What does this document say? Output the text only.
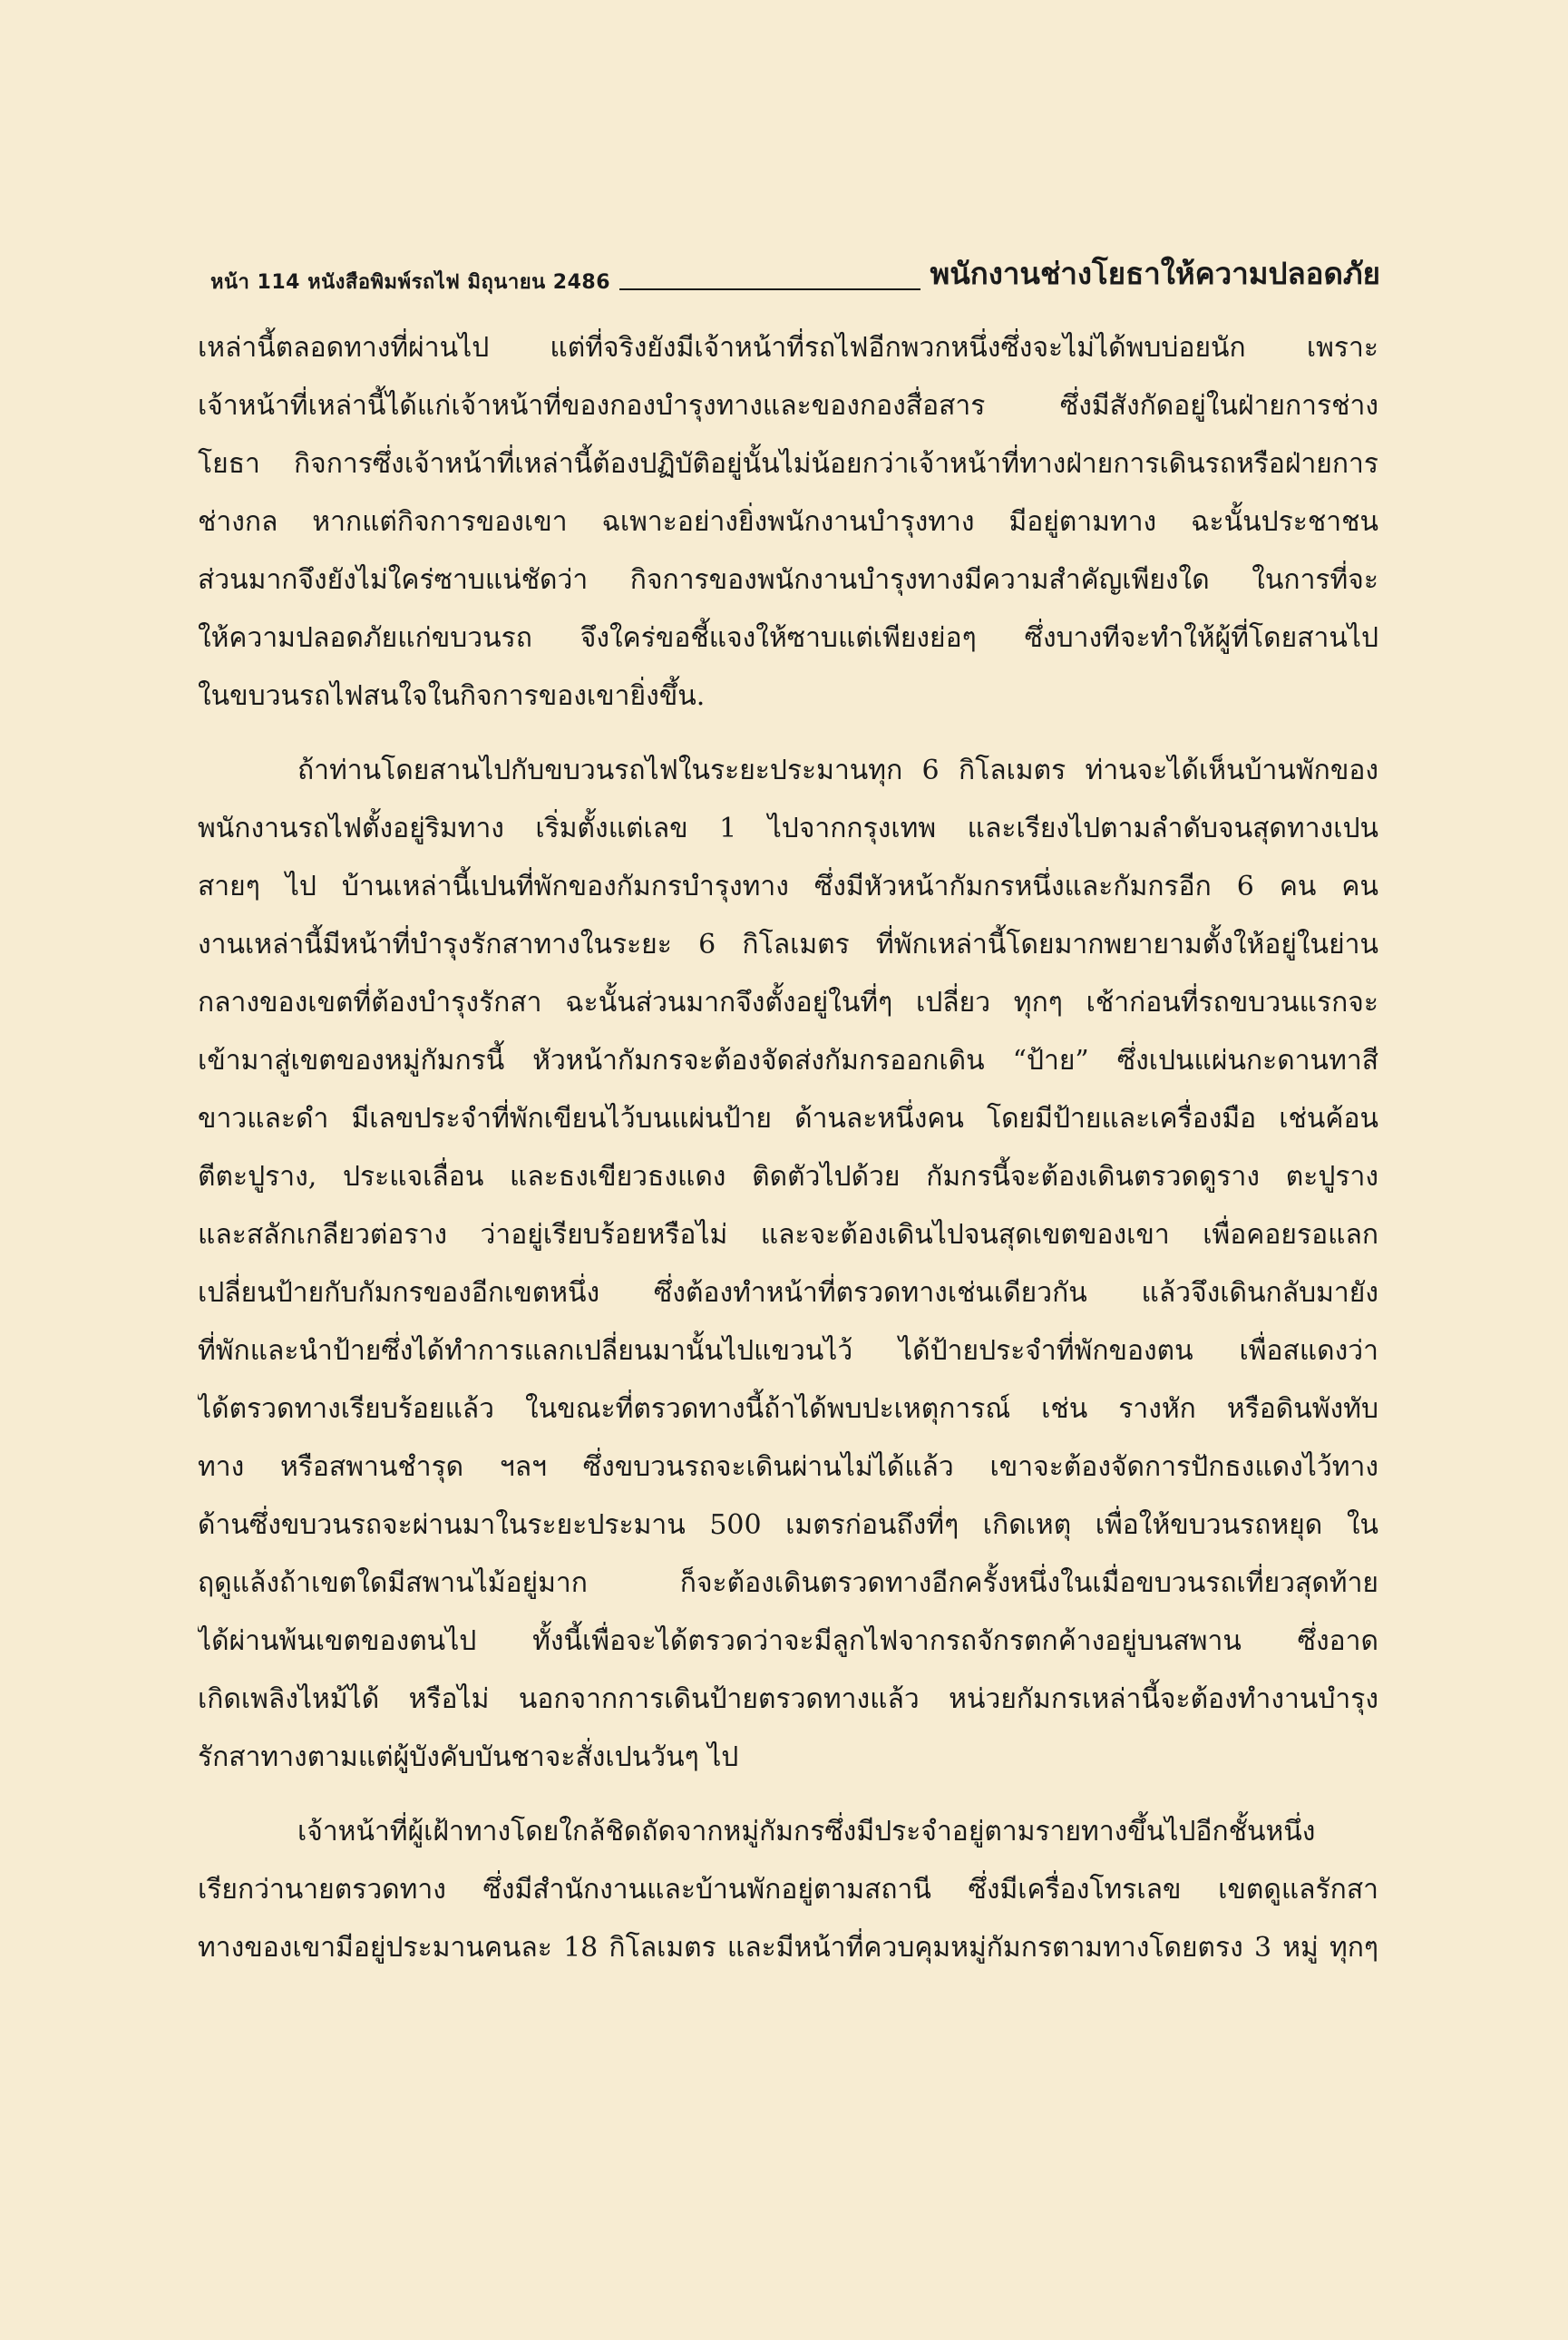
หน้า 114 หนังสือพิมพ์รถไฟ มิถุนายน 2486	พนักงานช่างโยธาให้ความปลอดภัย
เหล่านี้ตลอดทางที่ผ่านไป แต่ที่จริงยังมีเจ้าหน้าที่รถไฟอีกพวกหนึ่งซึ่งจะไม่ได้พบบ่อยนัก เพราะ
เจ้าหน้าที่เหล่านี้ได้แก่เจ้าหน้าที่ของกองบำรุงทางและของกองสื่อสาร ซึ่งมีสังกัดอยู่ในฝ่ายการช่าง
โยธา กิจการซึ่งเจ้าหน้าที่เหล่านี้ต้องปฏิบัติอยู่นั้นไม่น้อยกว่าเจ้าหน้าที่ทางฝ่ายการเดินรถหรือฝ่ายการ
ช่างกล หากแต่กิจการของเขา ฉเพาะอย่างยิ่งพนักงานบำรุงทาง มีอยู่ตามทาง ฉะนั้นประชาชน
ส่วนมากจึงยังไม่ใคร่ซาบแน่ชัดว่า กิจการของพนักงานบำรุงทางมีความสำคัญเพียงใด ในการที่จะ
ให้ความปลอดภัยแก่ขบวนรถ จึงใคร่ขอชี้แจงให้ซาบแต่เพียงย่อๆ ซึ่งบางทีจะทำให้ผู้ที่โดยสานไป
ในขบวนรถไฟสนใจในกิจการของเขายิ่งขึ้น.
ถ้าท่านโดยสานไปกับขบวนรถไฟในระยะประมานทุก 6 กิโลเมตร ท่านจะได้เห็นบ้านพักของ
พนักงานรถไฟตั้งอยู่ริมทาง เริ่มตั้งแต่เลข 1 ไปจากกรุงเทพ และเรียงไปตามลำดับจนสุดทางเปน
สายๆ ไป บ้านเหล่านี้เปนที่พักของกัมกรบำรุงทาง ซึ่งมีหัวหน้ากัมกรหนึ่งและกัมกรอีก 6 คน คน
งานเหล่านี้มีหน้าที่บำรุงรักสาทางในระยะ 6 กิโลเมตร ที่พักเหล่านี้โดยมากพยายามตั้งให้อยู่ในย่าน
กลางของเขตที่ต้องบำรุงรักสา ฉะนั้นส่วนมากจึงตั้งอยู่ในที่ๆ เปลี่ยว ทุกๆ เช้าก่อนที่รถขบวนแรกจะ
เข้ามาสู่เขตของหมู่กัมกรนี้ หัวหน้ากัมกรจะต้องจัดส่งกัมกรออกเดิน “ป้าย” ซึ่งเปนแผ่นกะดานทาสี
ขาวและดำ มีเลขประจำที่พักเขียนไว้บนแผ่นป้าย ด้านละหนึ่งคน โดยมีป้ายและเครื่องมือ เช่นค้อน
ตีตะปูราง, ประแจเลื่อน และธงเขียวธงแดง ติดตัวไปด้วย กัมกรนี้จะต้องเดินตรวดดูราง ตะปูราง
และสลักเกลียวต่อราง ว่าอยู่เรียบร้อยหรือไม่ และจะต้องเดินไปจนสุดเขตของเขา เพื่อคอยรอแลก
เปลี่ยนป้ายกับกัมกรของอีกเขตหนึ่ง ซึ่งต้องทำหน้าที่ตรวดทางเช่นเดียวกัน แล้วจึงเดินกลับมายัง
ที่พักและนำป้ายซึ่งได้ทำการแลกเปลี่ยนมานั้นไปแขวนไว้ ได้ป้ายประจำที่พักของตน เพื่อสแดงว่า
ได้ตรวดทางเรียบร้อยแล้ว ในขณะที่ตรวดทางนี้ถ้าได้พบปะเหตุการณ์ เช่น รางหัก หรือดินพังทับ
ทาง หรือสพานชำรุด ฯลฯ ซึ่งขบวนรถจะเดินผ่านไม่ได้แล้ว เขาจะต้องจัดการปักธงแดงไว้ทาง
ด้านซึ่งขบวนรถจะผ่านมาในระยะประมาน 500 เมตรก่อนถึงที่ๆ เกิดเหตุ เพื่อให้ขบวนรถหยุด ใน
ฤดูแล้งถ้าเขตใดมีสพานไม้อยู่มาก ก็จะต้องเดินตรวดทางอีกครั้งหนึ่งในเมื่อขบวนรถเที่ยวสุดท้าย
ได้ผ่านพ้นเขตของตนไป ทั้งนี้เพื่อจะได้ตรวดว่าจะมีลูกไฟจากรถจักรตกค้างอยู่บนสพาน ซึ่งอาด
เกิดเพลิงไหม้ได้ หรือไม่ นอกจากการเดินป้ายตรวดทางแล้ว หน่วยกัมกรเหล่านี้จะต้องทำงานบำรุง
รักสาทางตามแต่ผู้บังคับบันชาจะสั่งเปนวันๆ ไป
เจ้าหน้าที่ผู้เฝ้าทางโดยใกล้ชิดถัดจากหมู่กัมกรซึ่งมีประจำอยู่ตามรายทางขึ้นไปอีกชั้นหนึ่ง
เรียกว่านายตรวดทาง ซึ่งมีสำนักงานและบ้านพักอยู่ตามสถานี ซึ่งมีเครื่องโทรเลข เขตดูแลรักสา
ทางของเขามีอยู่ประมานคนละ 18 กิโลเมตร และมีหน้าที่ควบคุมหมู่กัมกรตามทางโดยตรง 3 หมู่ ทุกๆ
